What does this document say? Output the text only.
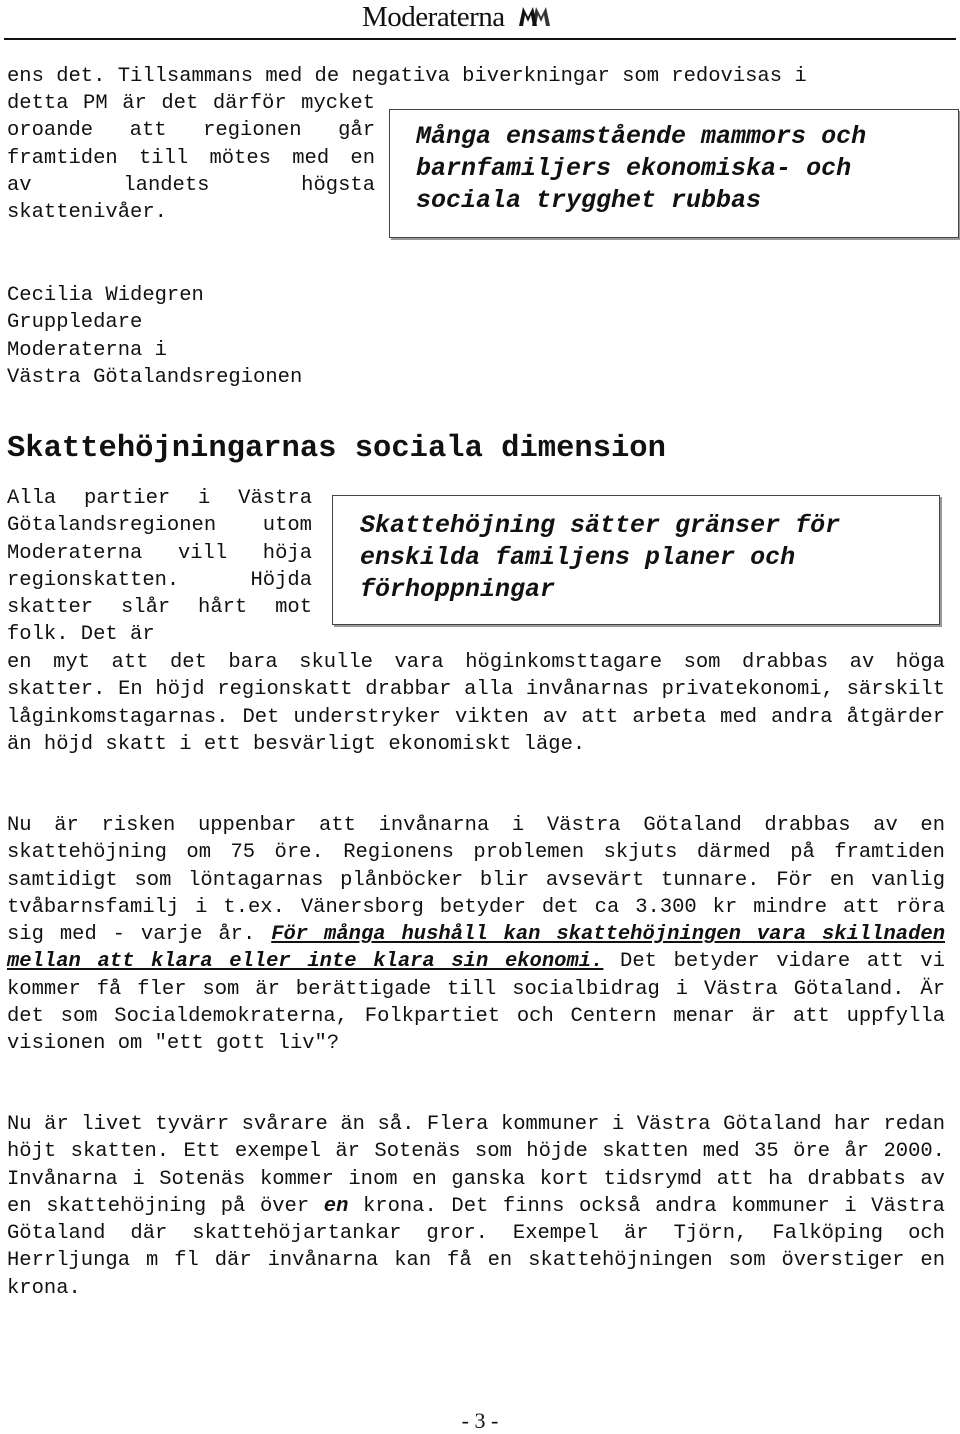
Moderaterna

ens det. Tillsammans med de negativa biverkningar som redovisas i

detta PM är det därför mycket oroande att regionen går framtiden till mötes med en av landets högsta skattenivåer.

Många ensamstående mammors och barnfamiljers ekonomiska- och sociala trygghet rubbas

Cecilia Widegren
Gruppledare
Moderaterna i
Västra Götalandsregionen
Skattehöjningarnas sociala dimension

Alla partier i Västra Götalandsregionen utom Moderaterna vill höja regionskatten. Höjda skatter slår hårt mot folk. Det är

Skattehöjning sätter gränser för enskilda familjens planer och förhoppningar

en myt att det bara skulle vara höginkomsttagare som drabbas av höga skatter. En höjd regionskatt drabbar alla invånarnas privatekonomi, särskilt låginkomstagarnas. Det understryker vikten av att arbeta med andra åtgärder än höjd skatt i ett besvärligt ekonomiskt läge.

Nu är risken uppenbar att invånarna i Västra Götaland drabbas av en skattehöjning om 75 öre. Regionens problemen skjuts därmed på framtiden samtidigt som löntagarnas plånböcker blir avsevärt tunnare. För en vanlig tvåbarnsfamilj i t.ex. Vänersborg betyder det ca 3.300 kr mindre att röra sig med - varje år. För många hushåll kan skattehöjningen vara skillnaden mellan att klara eller inte klara sin ekonomi. Det betyder vidare att vi kommer få fler som är berättigade till socialbidrag i Västra Götaland. Är det som Socialdemokraterna, Folkpartiet och Centern menar är att uppfylla visionen om "ett gott liv"?

Nu är livet tyvärr svårare än så. Flera kommuner i Västra Götaland har redan höjt skatten. Ett exempel är Sotenäs som höjde skatten med 35 öre år 2000. Invånarna i Sotenäs kommer inom en ganska kort tidsrymd att ha drabbats av en skattehöjning på över en krona. Det finns också andra kommuner i Västra Götaland där skattehöjartankar gror. Exempel är Tjörn, Falköping och Herrljunga m fl där invånarna kan få en skattehöjningen som överstiger en krona.

- 3 -
